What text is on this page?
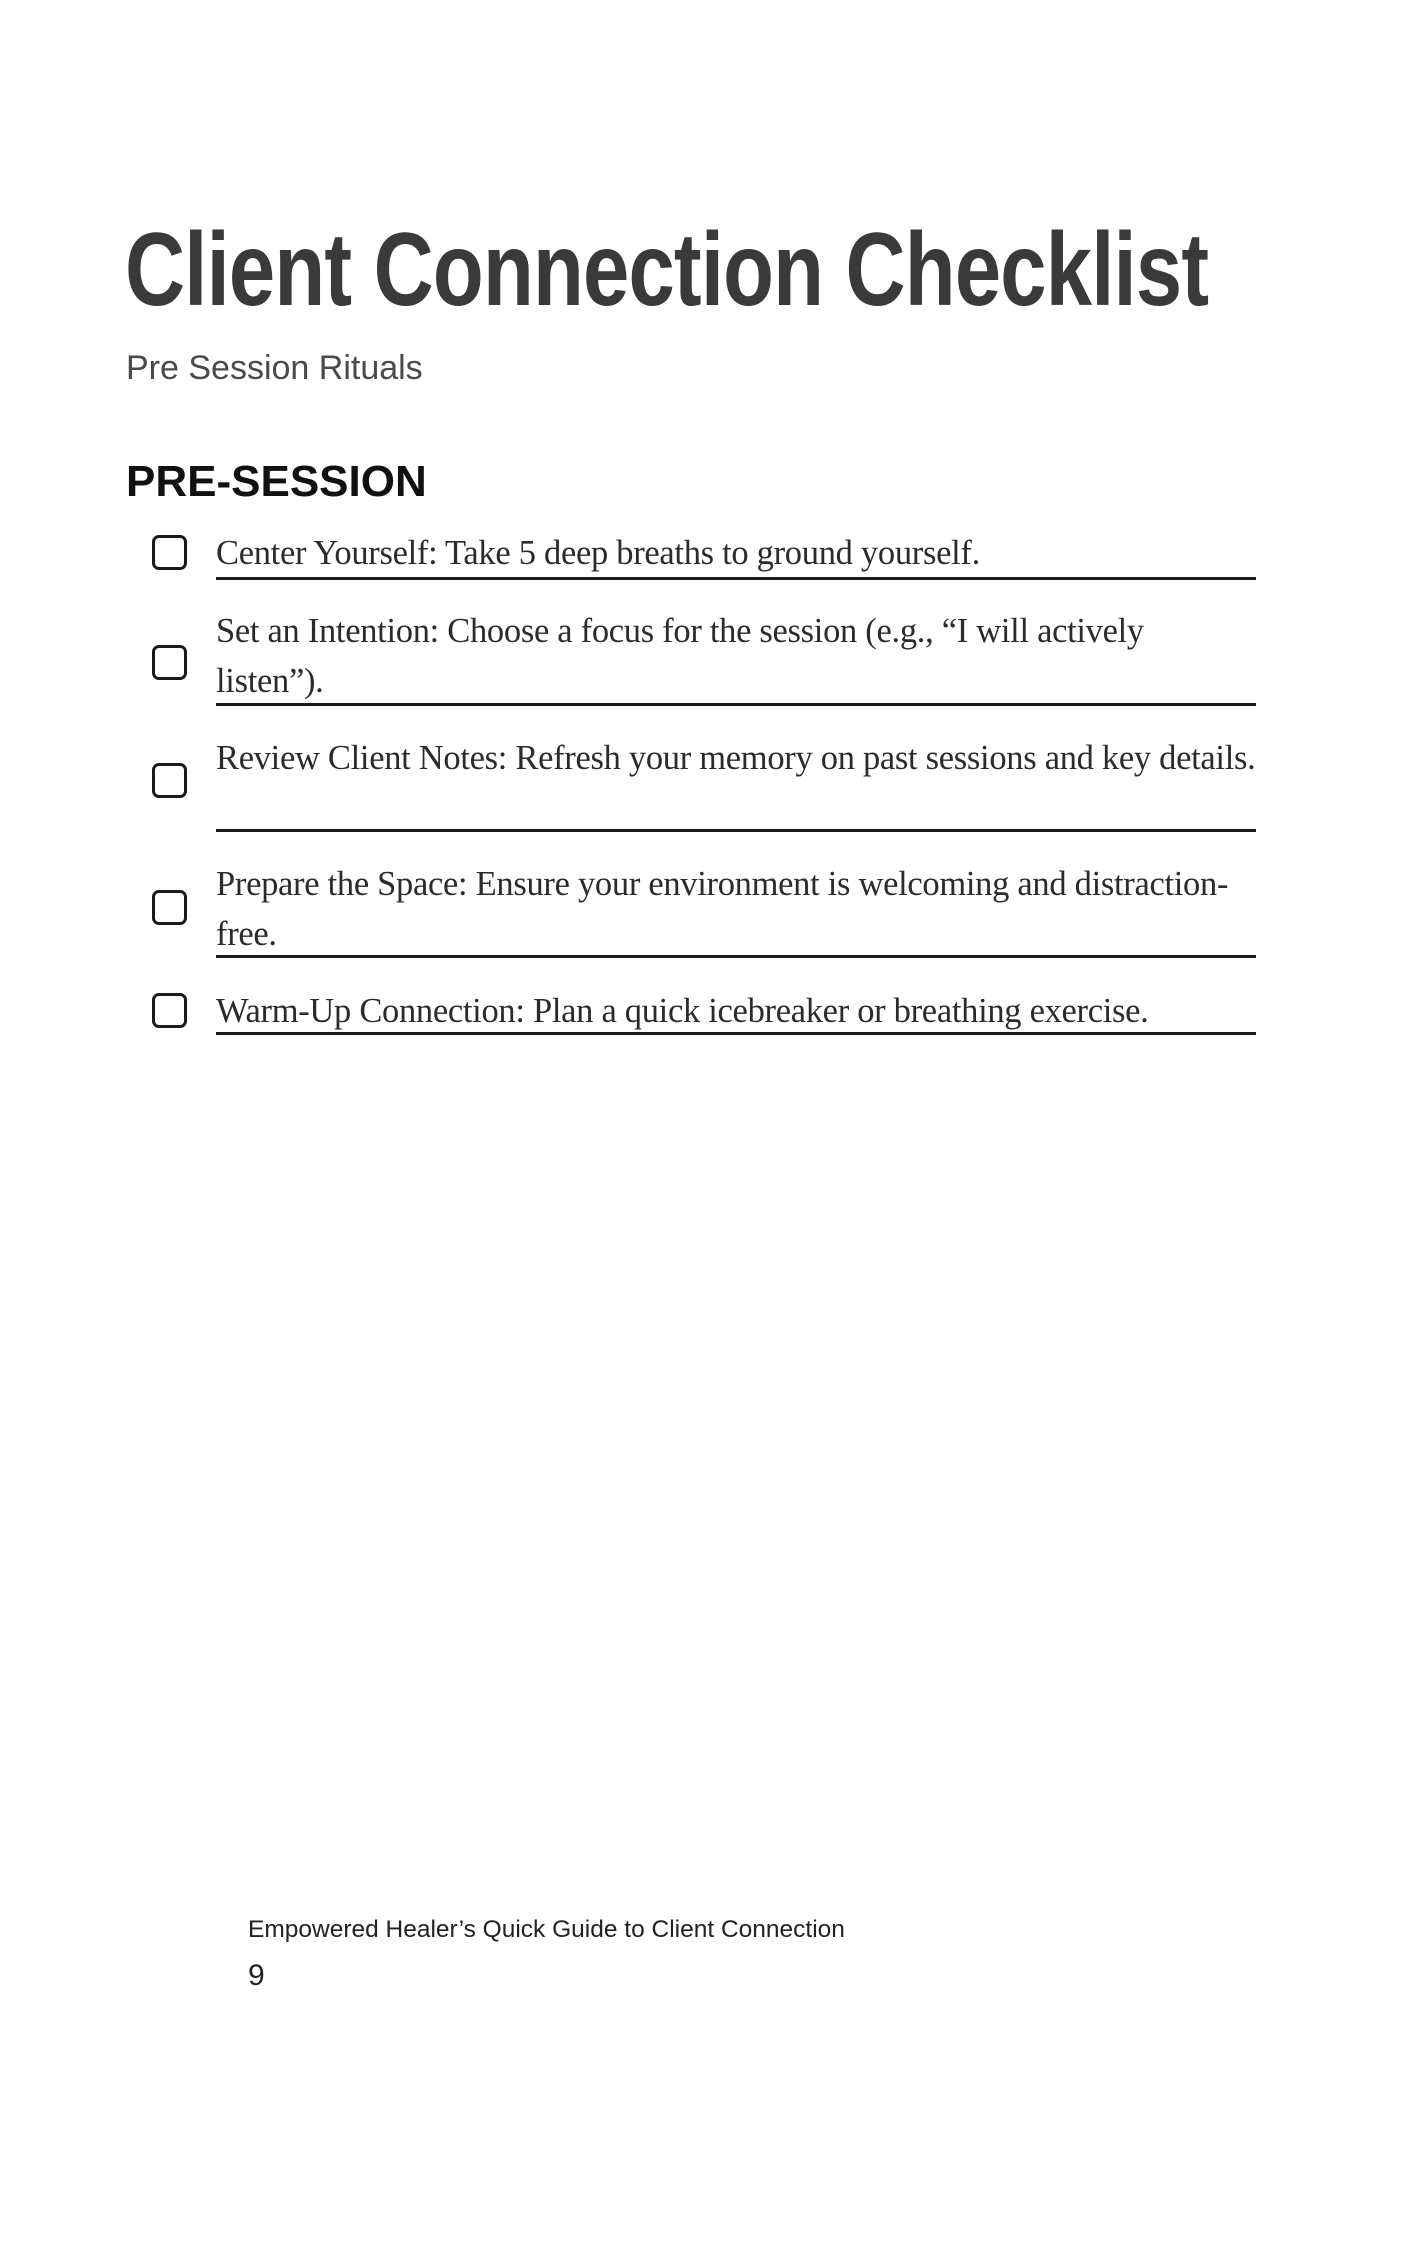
Client Connection Checklist

Pre Session Rituals

PRE-SESSION
Center Yourself: Take 5 deep breaths to ground yourself.
Set an Intention: Choose a focus for the session (e.g., “I will actively listen”).
Review Client Notes: Refresh your memory on past sessions and key details.
Prepare the Space: Ensure your environment is welcoming and distraction-free.
Warm-Up Connection: Plan a quick icebreaker or breathing exercise.

Empowered Healer’s Quick Guide to Client Connection

9
